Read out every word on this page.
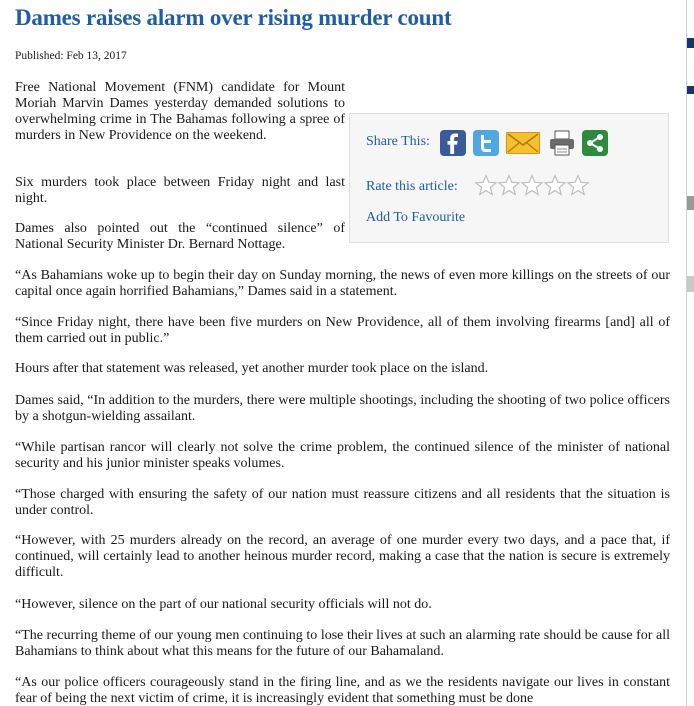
Dames raises alarm over rising murder count
Published: Feb 13, 2017

Free National Movement (FNM) candidate for Mount Moriah Marvin Dames yesterday demanded solutions to overwhelming crime in The Bahamas following a spree of murders in New Providence on the weekend.

Six murders took place between Friday night and last night.

Dames also pointed out the “continued silence” of National Security Minister Dr. Bernard Nottage.

“As Bahamians woke up to begin their day on Sunday morning, the news of even more killings on the streets of our capital once again horrified Bahamians,” Dames said in a statement.

“Since Friday night, there have been five murders on New Providence, all of them involving firearms [and] all of them carried out in public.”

Hours after that statement was released, yet another murder took place on the island.

Dames said, “In addition to the murders, there were multiple shootings, including the shooting of two police officers by a shotgun-wielding assailant.

“While partisan rancor will clearly not solve the crime problem, the continued silence of the minister of national security and his junior minister speaks volumes.

“Those charged with ensuring the safety of our nation must reassure citizens and all residents that the situation is under control.

“However, with 25 murders already on the record, an average of one murder every two days, and a pace that, if continued, will certainly lead to another heinous murder record, making a case that the nation is secure is extremely difficult.

“However, silence on the part of our national security officials will not do.

“The recurring theme of our young men continuing to lose their lives at such an alarming rate should be cause for all Bahamians to think about what this means for the future of our Bahamaland.

“As our police officers courageously stand in the firing line, and as we the residents navigate our lives in constant fear of being the next victim of crime, it is increasingly evident that something must be done

Share This:
Rate this article:
Add To Favourite
